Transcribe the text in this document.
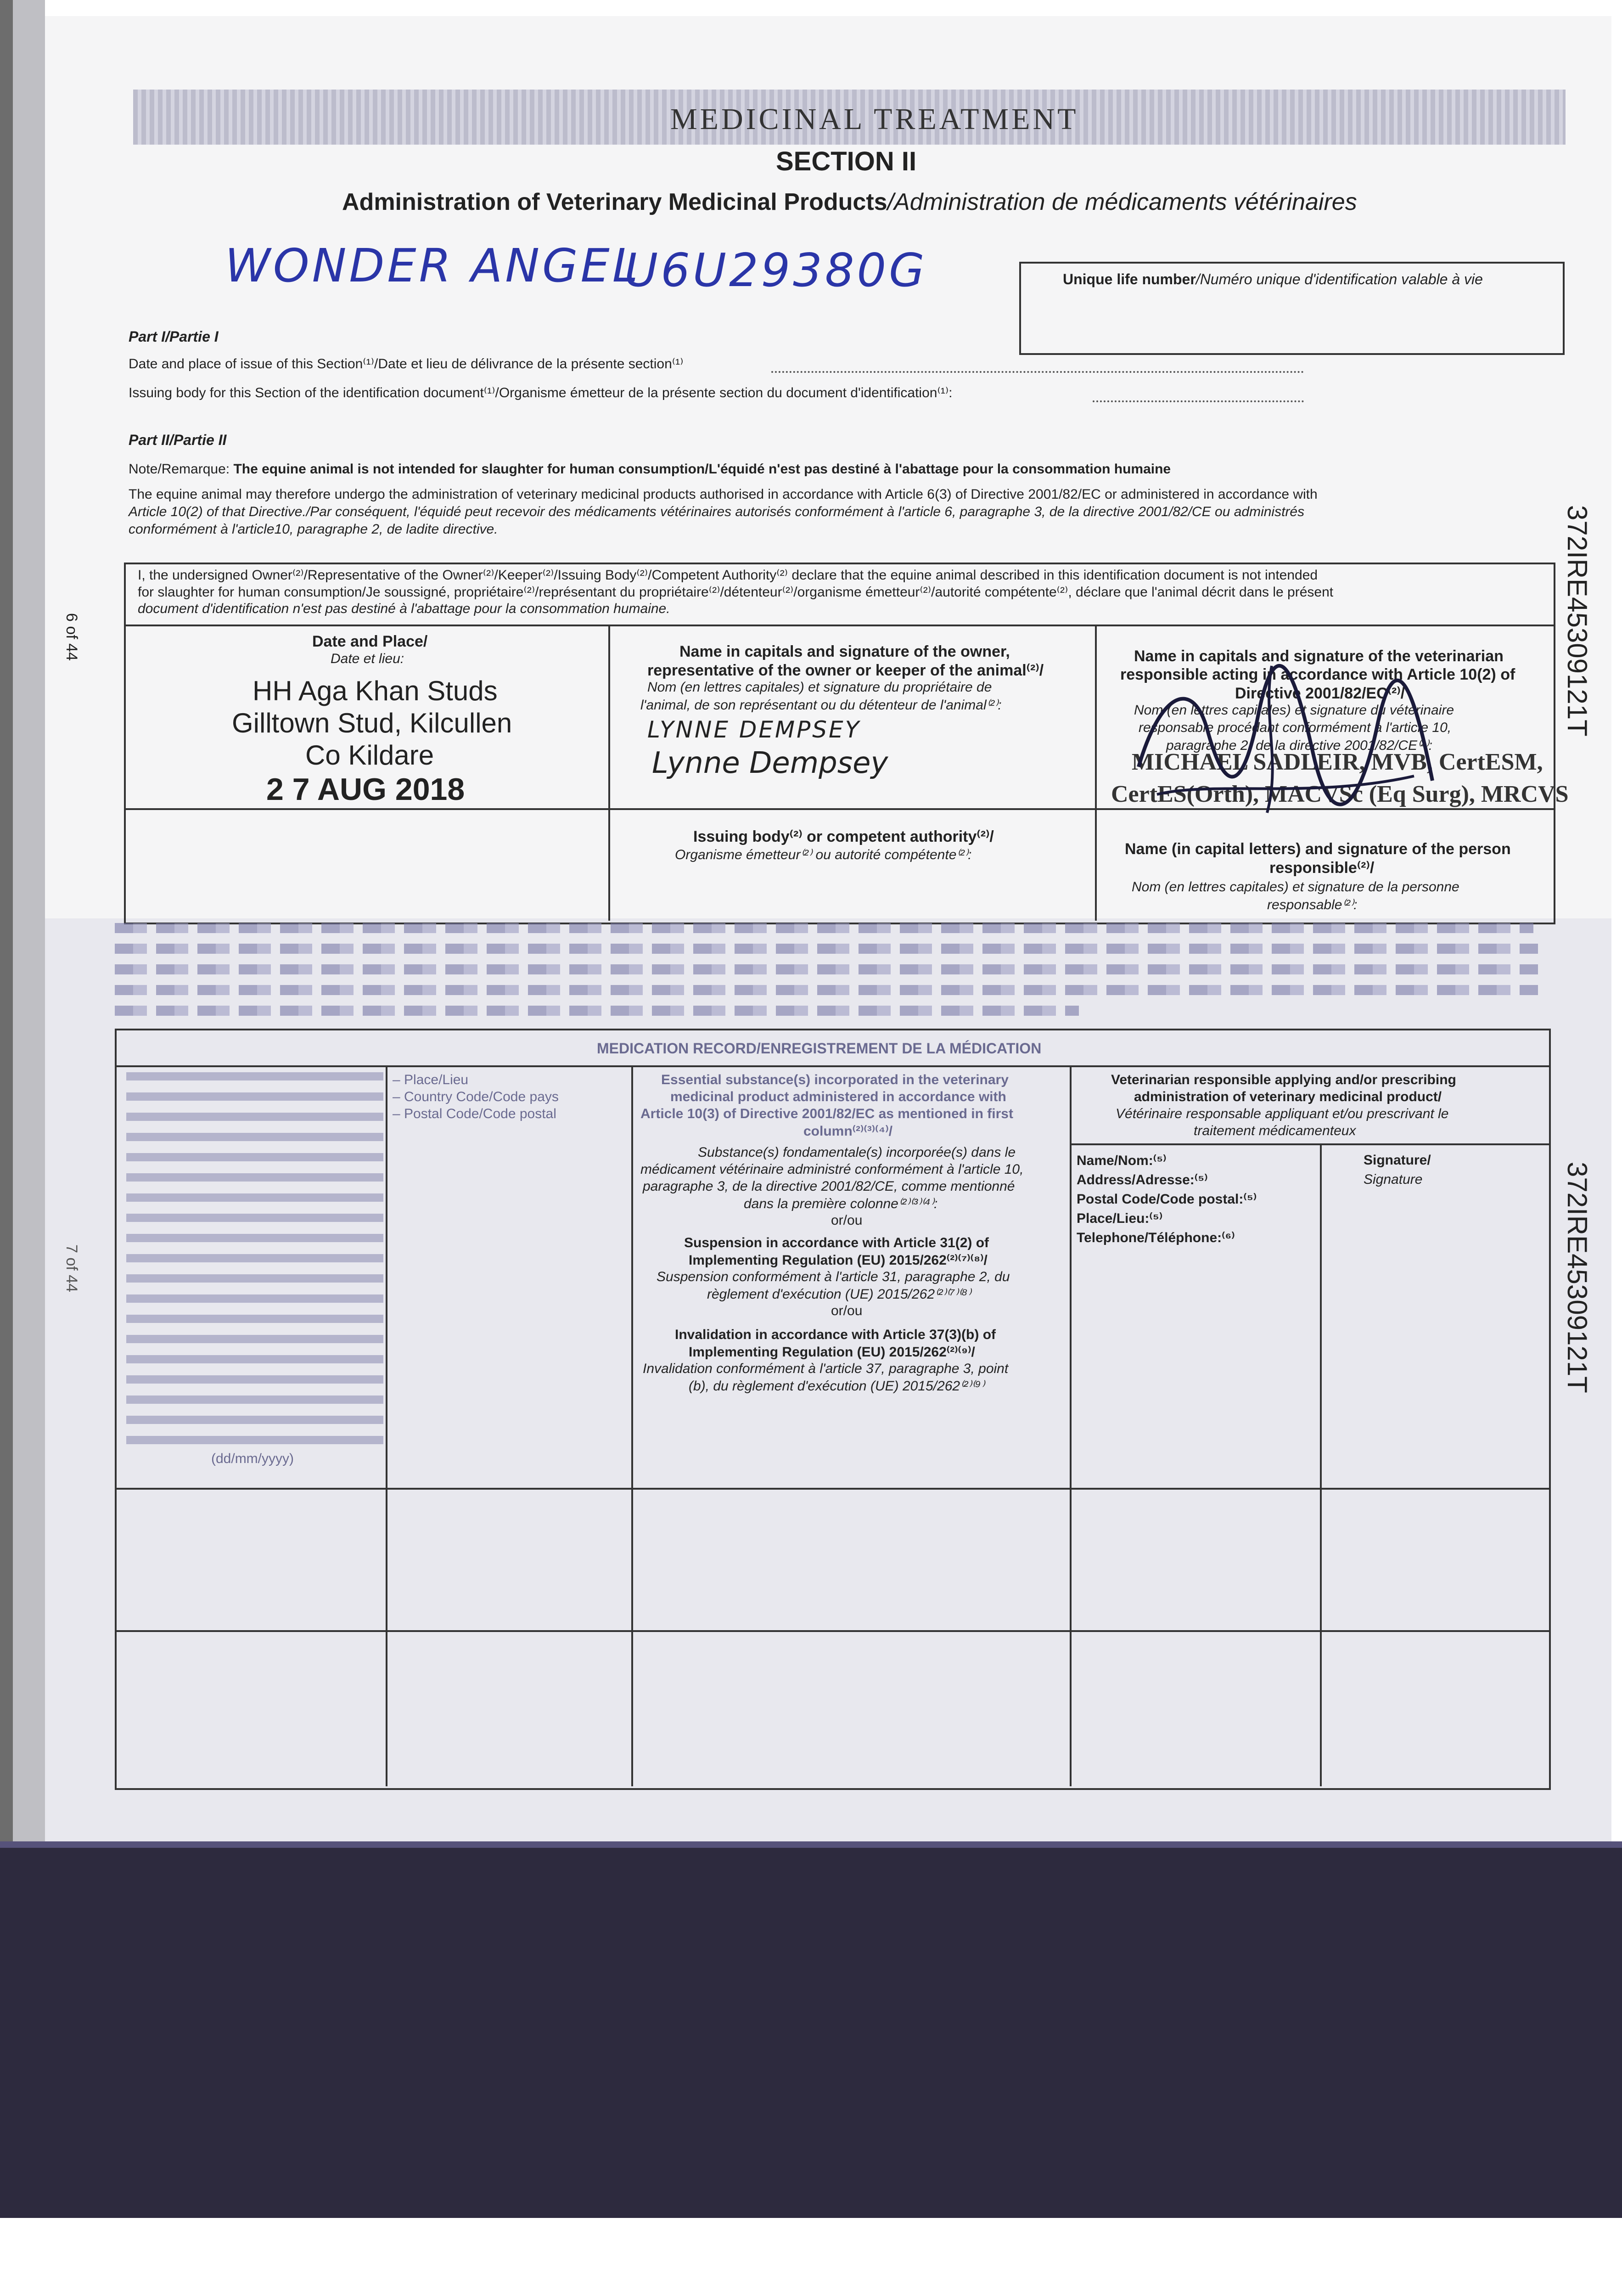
MEDICINAL TREATMENT
SECTION II
Administration of Veterinary Medicinal Products/Administration de médicaments vétérinaires
WONDER ANGEL
U6U29380G	Unique life number/Numéro unique d'identification valable à vie
Part I/Partie I
Date and place of issue of this Section⁽¹⁾/Date et lieu de délivrance de la présente section⁽¹⁾
Issuing body for this Section of the identification document⁽¹⁾/Organisme émetteur de la présente section du document d'identification⁽¹⁾:
Part II/Partie II
Note/Remarque: The equine animal is not intended for slaughter for human consumption/L'équidé n'est pas destiné à l'abattage pour la consommation humaine
The equine animal may therefore undergo the administration of veterinary medicinal products authorised in accordance with Article 6(3) of Directive 2001/82/EC or administered in accordance with
Article 10(2) of that Directive./Par conséquent, l'équidé peut recevoir des médicaments vétérinaires autorisés conformément à l'article 6, paragraphe 3, de la directive 2001/82/CE ou administrés
conformément à l'article10, paragraphe 2, de ladite directive.
I, the undersigned Owner⁽²⁾/Representative of the Owner⁽²⁾/Keeper⁽²⁾/Issuing Body⁽²⁾/Competent Authority⁽²⁾ declare that the equine animal described in this identification document is not intended
for slaughter for human consumption/Je soussigné, propriétaire⁽²⁾/représentant du propriétaire⁽²⁾/détenteur⁽²⁾/organisme émetteur⁽²⁾/autorité compétente⁽²⁾, déclare que l'animal décrit dans le présent
document d'identification n'est pas destiné à l'abattage pour la consommation humaine.
Date and Place/
Date et lieu:
HH Aga Khan Studs
Gilltown Stud, Kilcullen
Co Kildare
2 7 AUG 2018
Name in capitals and signature of the owner,
representative of the owner or keeper of the animal⁽²⁾/
Nom (en lettres capitales) et signature du propriétaire de
l'animal, de son représentant ou du détenteur de l'animal⁽²⁾:
LYNNE DEMPSEY
Lynne Dempsey
Name in capitals and signature of the veterinarian
responsible acting in accordance with Article 10(2) of
Directive 2001/82/EC⁽²⁾/
Nom (en lettres capitales) et signature du vétérinaire
responsable procédant conformément à l'article 10,
paragraphe 2, de la directive 2001/82/CE⁽²⁾:
MICHAEL SADLEIR, MVB, CertESM,
CertES(Orth), MACVSc (Eq Surg), MRCVS
Issuing body⁽²⁾ or competent authority⁽²⁾/
Organisme émetteur⁽²⁾ ou autorité compétente⁽²⁾:	Name (in capital letters) and signature of the person
responsible⁽²⁾/
Nom (en lettres capitales) et signature de la personne
responsable⁽²⁾:
MEDICATION RECORD/ENREGISTREMENT DE LA MÉDICATION
(dd/mm/yyyy)
– Place/Lieu
– Country Code/Code pays
– Postal Code/Code postal
Essential substance(s) incorporated in the veterinary
medicinal product administered in accordance with
Article 10(3) of Directive 2001/82/EC as mentioned in first
column⁽²⁾⁽³⁾⁽⁴⁾/
Substance(s) fondamentale(s) incorporée(s) dans le
médicament vétérinaire administré conformément à l'article 10,
paragraphe 3, de la directive 2001/82/CE, comme mentionné
dans la première colonne⁽²⁾⁽³⁾⁽⁴⁾:
or/ou
Suspension in accordance with Article 31(2) of
Implementing Regulation (EU) 2015/262⁽²⁾⁽⁷⁾⁽⁸⁾/
Suspension conformément à l'article 31, paragraphe 2, du
règlement d'exécution (UE) 2015/262⁽²⁾⁽⁷⁾⁽⁸⁾
or/ou
Invalidation in accordance with Article 37(3)(b) of
Implementing Regulation (EU) 2015/262⁽²⁾⁽⁹⁾/
Invalidation conformément à l'article 37, paragraphe 3, point
(b), du règlement d'exécution (UE) 2015/262⁽²⁾⁽⁹⁾
Veterinarian responsible applying and/or prescribing
administration of veterinary medicinal product/
Vétérinaire responsable appliquant et/ou prescrivant le
traitement médicamenteux
Name/Nom:⁽⁵⁾
Address/Adresse:⁽⁵⁾
Postal Code/Code postal:⁽⁵⁾
Place/Lieu:⁽⁵⁾
Telephone/Téléphone:⁽⁶⁾
Signature/
Signature
6 of 44
7 of 44
372IRE45309121T
372IRE45309121T
